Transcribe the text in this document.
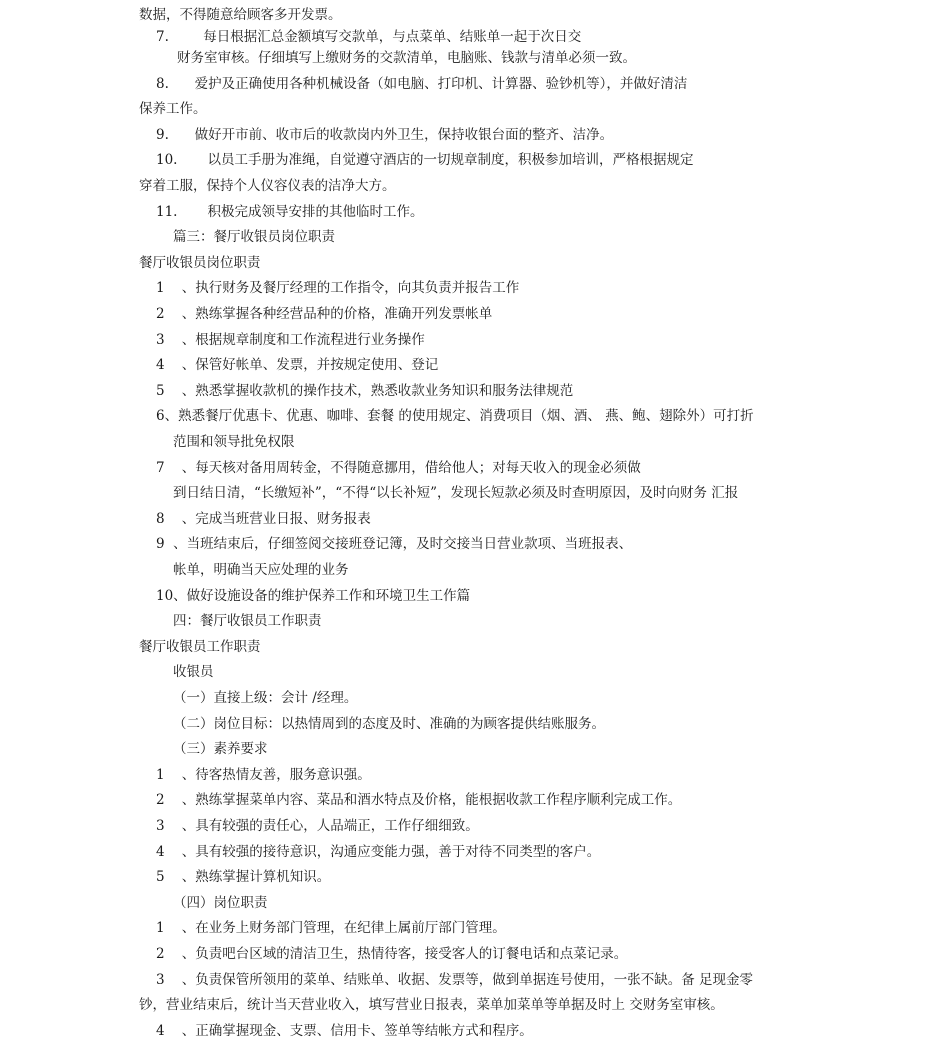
数据，不得随意给顾客多开发票。
7.        每日根据汇总金额填写交款单，与点菜单、结账单一起于次日交
财务室审核。仔细填写上缴财务的交款清单，电脑账、钱款与清单必须一致。
8.      爱护及正确使用各种机械设备（如电脑、打印机、计算器、验钞机等），并做好清洁
保养工作。
9.      做好开市前、收市后的收款岗内外卫生，保持收银台面的整齐、洁净。
10.       以员工手册为准绳，自觉遵守酒店的一切规章制度，积极参加培训，严格根据规定
穿着工服，保持个人仪容仪表的洁净大方。
11.       积极完成领导安排的其他临时工作。
篇三：餐厅收银员岗位职责
餐厅收银员岗位职责
1    、执行财务及餐厅经理的工作指令，向其负责并报告工作
2    、熟练掌握各种经营品种的价格，准确开列发票帐单
3    、根据规章制度和工作流程进行业务操作
4    、保管好帐单、发票，并按规定使用、登记
5    、熟悉掌握收款机的操作技术，熟悉收款业务知识和服务法律规范
6、熟悉餐厅优惠卡、优惠、咖啡、套餐 的使用规定、消费项目（烟、酒、 燕、鲍、翅除外）可打折
范围和领导批免权限
7    、每天核对备用周转金，不得随意挪用，借给他人；对每天收入的现金必须做
到日结日清，“长缴短补”，“不得“以长补短”，发现长短款必须及时查明原因，及时向财务 汇报
8    、完成当班营业日报、财务报表
9  、当班结束后，仔细签阅交接班登记簿，及时交接当日营业款项、当班报表、
帐单，明确当天应处理的业务
10、做好设施设备的维护保养工作和环境卫生工作篇
四：餐厅收银员工作职责
餐厅收银员工作职责
收银员
（一）直接上级：会计 /经理。
（二）岗位目标：以热情周到的态度及时、准确的为顾客提供结账服务。
（三）素养要求
1    、待客热情友善，服务意识强。
2    、熟练掌握菜单内容、菜品和酒水特点及价格，能根据收款工作程序顺利完成工作。
3    、具有较强的责任心，人品端正，工作仔细细致。
4    、具有较强的接待意识，沟通应变能力强，善于对待不同类型的客户。
5    、熟练掌握计算机知识。
（四）岗位职责
1    、在业务上财务部门管理，在纪律上属前厅部门管理。
2    、负责吧台区域的清洁卫生，热情待客，接受客人的订餐电话和点菜记录。
3    、负责保管所领用的菜单、结账单、收据、发票等，做到单据连号使用，一张不缺。备 足现金零
钞，营业结束后，统计当天营业收入，填写营业日报表，菜单加菜单等单据及时上 交财务室审核。
4    、正确掌握现金、支票、信用卡、签单等结帐方式和程序。
